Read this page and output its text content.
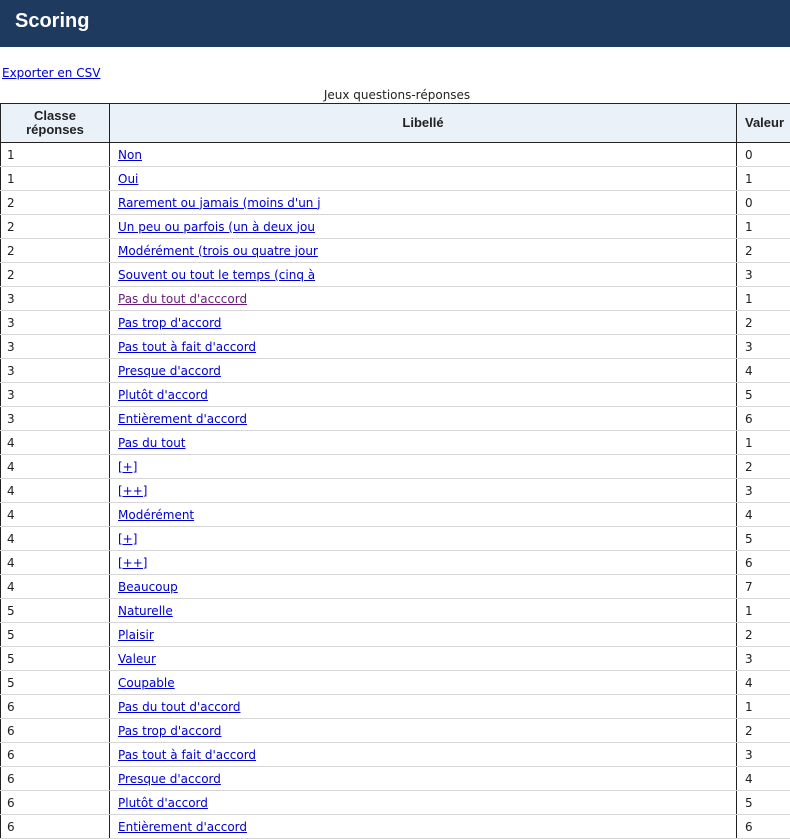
Scoring
Exporter en CSV
Jeux questions-réponses
Classe réponses	Libellé	Valeur
1	Non	0
1	Oui	1
2	Rarement ou jamais (moins d'un j	0
2	Un peu ou parfois (un à deux jou	1
2	Modérément (trois ou quatre jour	2
2	Souvent ou tout le temps (cinq à	3
3	Pas du tout d'acccord	1
3	Pas trop d'accord	2
3	Pas tout à fait d'accord	3
3	Presque d'accord	4
3	Plutôt d'accord	5
3	Entièrement d'accord	6
4	Pas du tout	1
4	[+]	2
4	[++]	3
4	Modérément	4
4	[+]	5
4	[++]	6
4	Beaucoup	7
5	Naturelle	1
5	Plaisir	2
5	Valeur	3
5	Coupable	4
6	Pas du tout d'accord	1
6	Pas trop d'accord	2
6	Pas tout à fait d'accord	3
6	Presque d'accord	4
6	Plutôt d'accord	5
6	Entièrement d'accord	6
